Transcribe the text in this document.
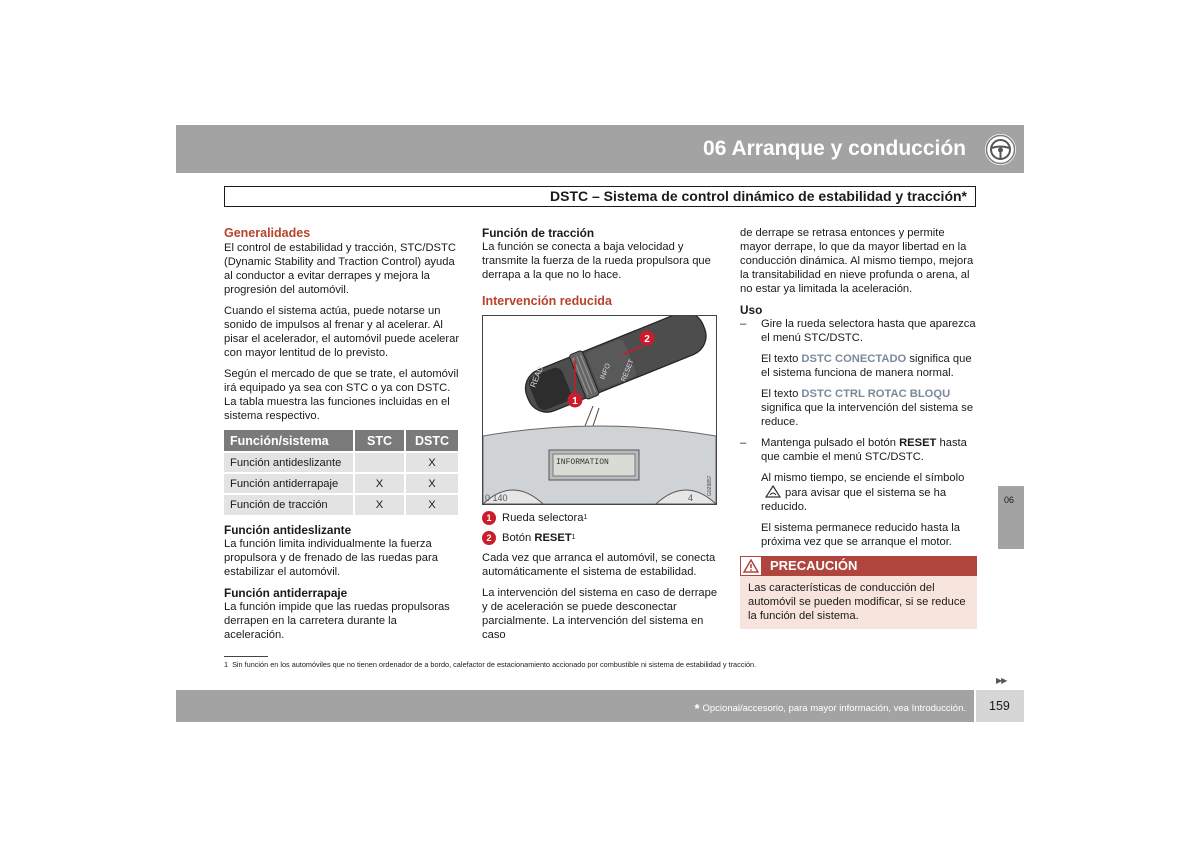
06 Arranque y conducción
DSTC – Sistema de control dinámico de estabilidad y tracción*
Generalidades
El control de estabilidad y tracción, STC/DSTC (Dynamic Stability and Traction Control) ayuda al conductor a evitar derrapes y mejora la progresión del automóvil.
Cuando el sistema actúa, puede notarse un sonido de impulsos al frenar y al acelerar. Al pisar el acelerador, el automóvil puede acelerar con mayor lentitud de lo previsto.
Según el mercado de que se trate, el automóvil irá equipado ya sea con STC o ya con DSTC. La tabla muestra las funciones incluidas en el sistema respectivo.
Función/sistema	STC	DSTC
Función antideslizante		X
Función antiderrapaje	X	X
Función de tracción	X	X
Función antideslizante
La función limita individualmente la fuerza propulsora y de frenado de las ruedas para estabilizar el automóvil.
Función antiderrapaje
La función impide que las ruedas propulsoras derrapen en la carretera durante la aceleración.
Función de tracción
La función se conecta a baja velocidad y transmite la fuerza de la rueda propulsora que derrapa a la que no lo hace.
Intervención reducida
READ	INFO RESET
1
2
INFORMATION
0 140	4
G029857
1 Rueda selectora 1
2 Botón
RESET 1
Cada vez que arranca el automóvil, se conecta automáticamente el sistema de estabilidad.
La intervención del sistema en caso de derrape y de aceleración se puede desconectar parcialmente. La intervención del sistema en caso
de derrape se retrasa entonces y permite mayor derrape, lo que da mayor libertad en la conducción dinámica. Al mismo tiempo, mejora la transitabilidad en nieve profunda o arena, al no estar ya limitada la aceleración.
Uso
–	Gire la rueda selectora hasta que aparezca el menú STC/DSTC.
El texto DSTC CONECTADO significa que el sistema funciona de manera normal.
El texto DSTC CTRL ROTAC BLOQU significa que la intervención del sistema se reduce.
–	Mantenga pulsado el botón RESET hasta que cambie el menú STC/DSTC.
Al mismo tiempo, se enciende el símbolo
para avisar que el sistema se ha reducido.
El sistema permanece reducido hasta la próxima vez que se arranque el motor.
PRECAUCIÓN
Las características de conducción del automóvil se pueden modificar, si se reduce la función del sistema.
06
1 Sin función en los automóviles que no tienen ordenador de a bordo, calefactor de estacionamiento accionado por combustible ni sistema de estabilidad y tracción.
▶▶
* Opcional/accesorio, para mayor información, vea Introducción. 159
